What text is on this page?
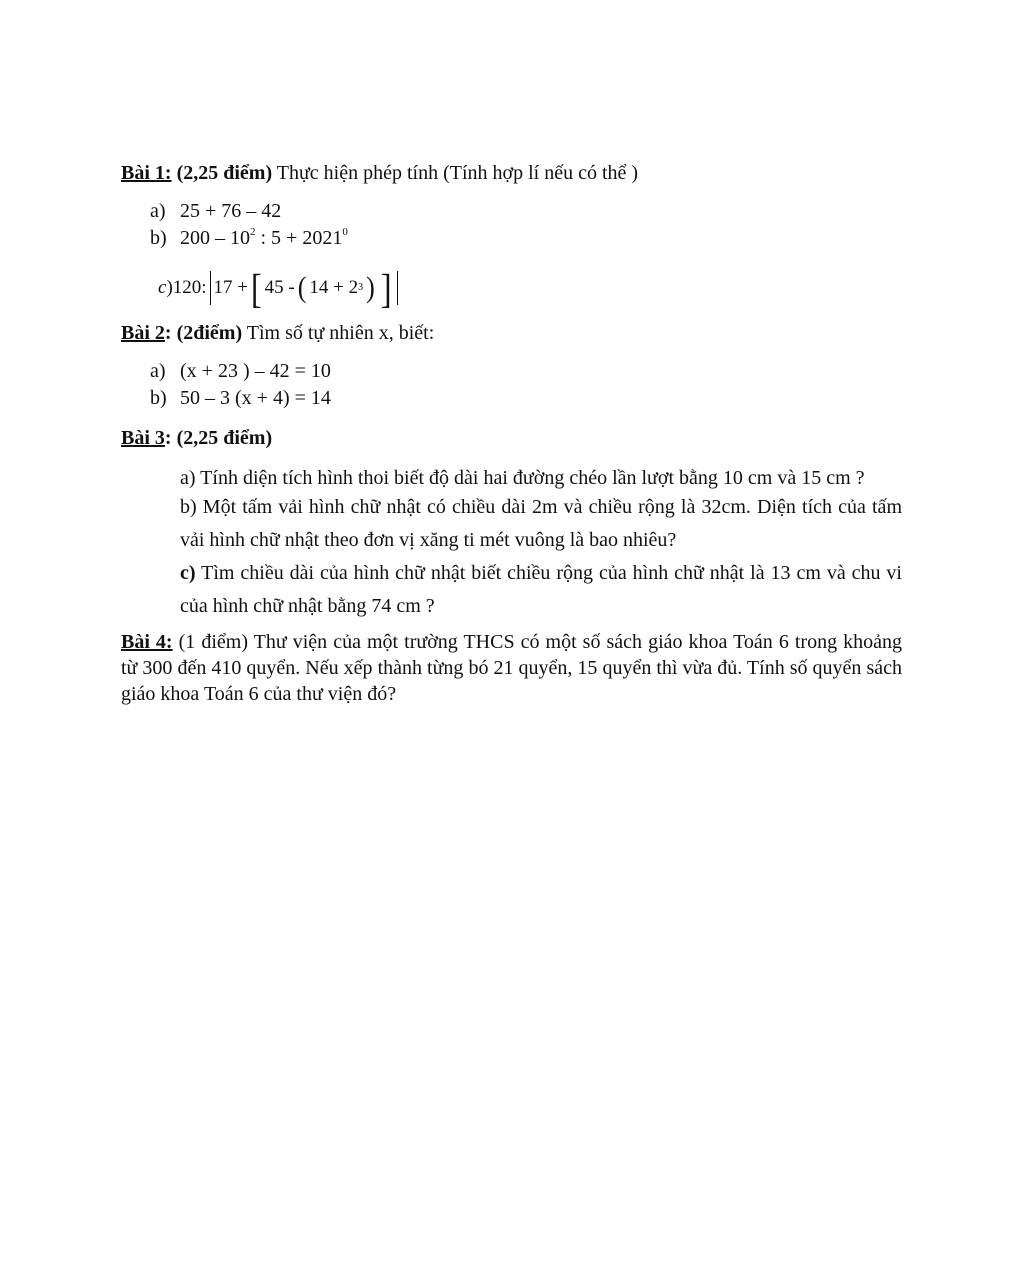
Bài 1: (2,25 điểm) Thực hiện phép tính (Tính hợp lí nếu có thể )

a) 25 + 76 – 42
b) $200 - 10^2$ : $5 + 2021^0$
c )120: 17 + [ 45 - ( 14 + 2 3 ) ]

Bài 2: (2điểm) Tìm số tự nhiên x, biết:

a) (x + 23 ) – 42 = 10
b) 50 – 3 (x + 4) = 14

Bài 3: (2,25 điểm)

a) Tính diện tích hình thoi biết độ dài hai đường chéo lần lượt bằng 10 cm và 15 cm ?

b) Một tấm vải hình chữ nhật có chiều dài 2m và chiều rộng là 32cm. Diện tích của tấm vải hình chữ nhật theo đơn vị xăng ti mét vuông là bao nhiêu?

c) Tìm chiều dài của hình chữ nhật biết chiều rộng của hình chữ nhật là 13 cm và chu vi của hình chữ nhật bằng 74 cm ?

Bài 4: (1 điểm) Thư viện của một trường THCS có một số sách giáo khoa Toán 6 trong khoảng từ 300 đến 410 quyển. Nếu xếp thành từng bó 21 quyển, 15 quyển thì vừa đủ. Tính số quyển sách giáo khoa Toán 6 của thư viện đó?
